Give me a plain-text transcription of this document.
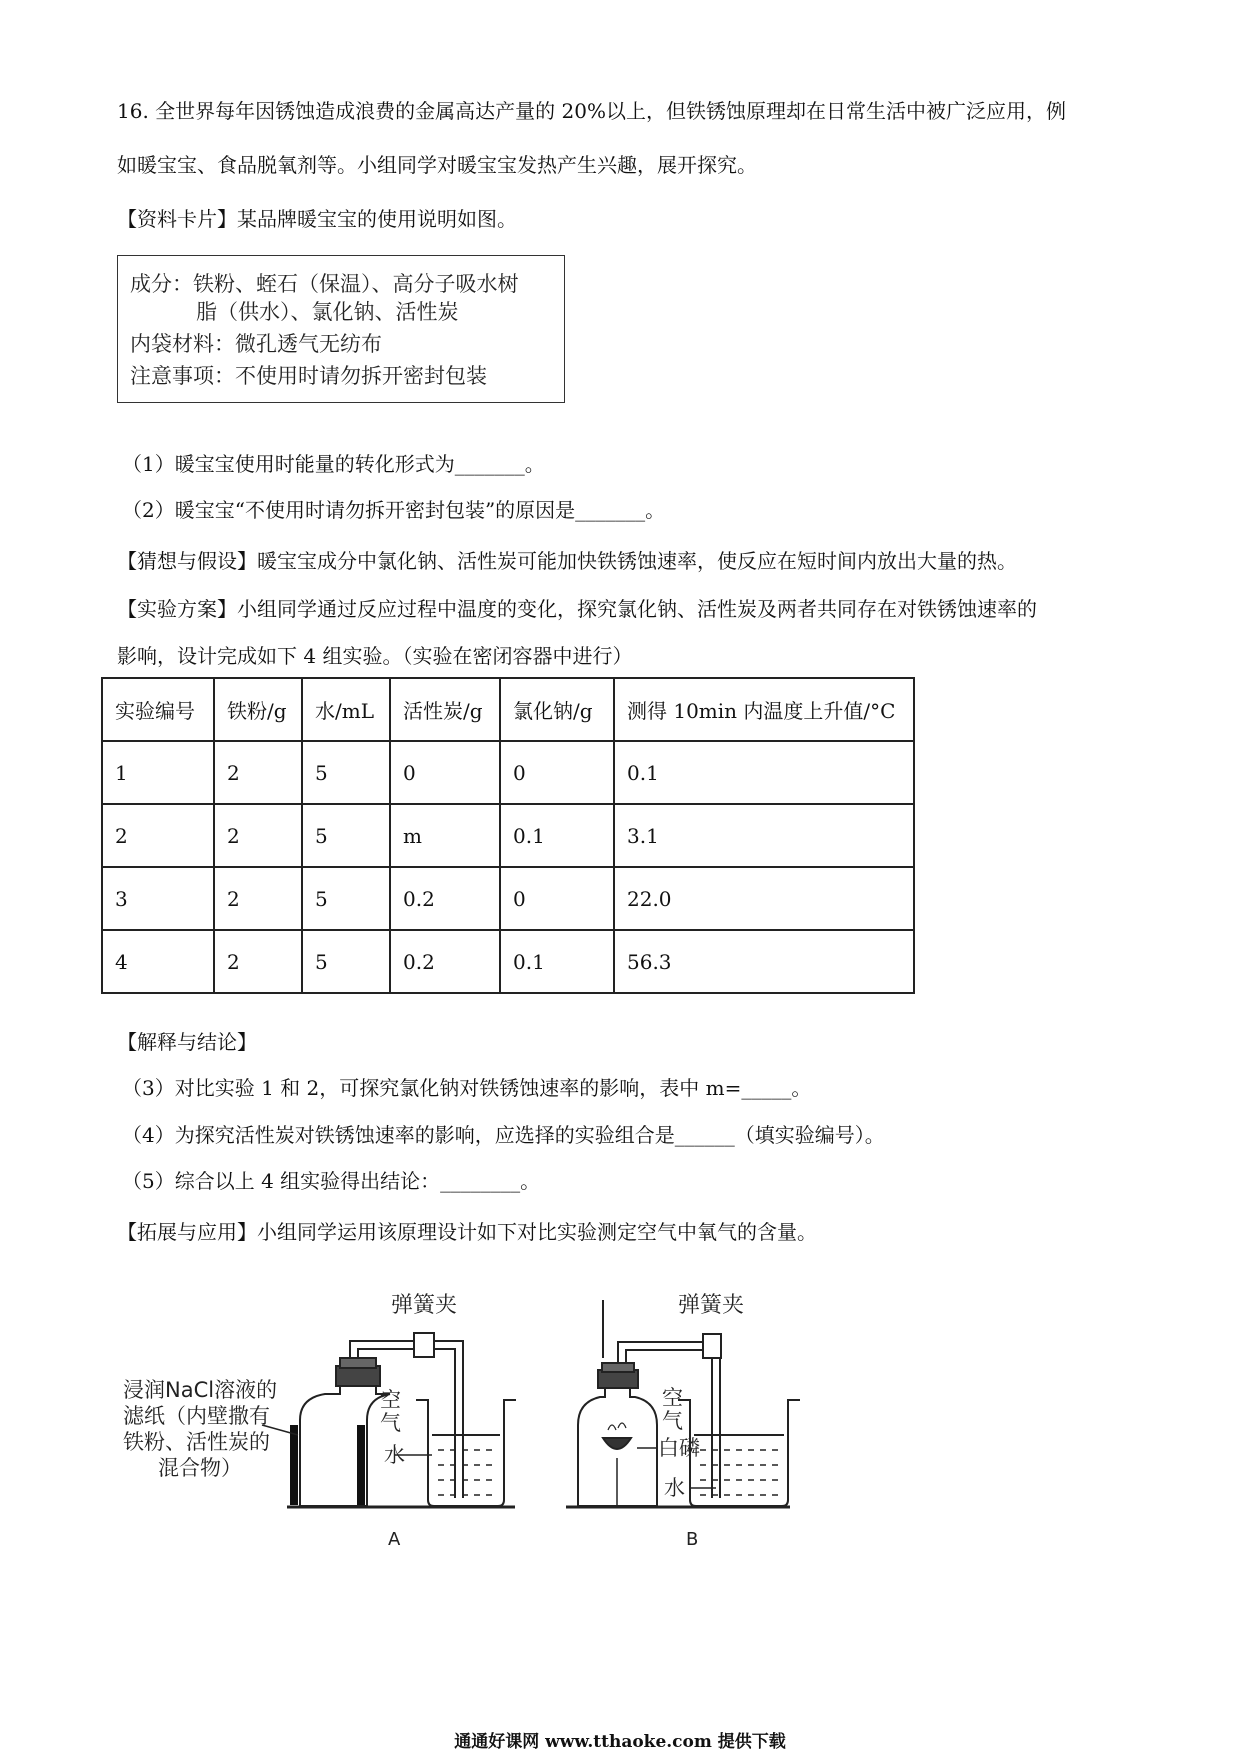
16. 全世界每年因锈蚀造成浪费的金属高达产量的 20%以上，但铁锈蚀原理却在日常生活中被广泛应用，例
如暖宝宝、食品脱氧剂等。小组同学对暖宝宝发热产生兴趣，展开探究。
【资料卡片】某品牌暖宝宝的使用说明如图。
成分：铁粉、蛭石（保温）、高分子吸水树
脂（供水）、氯化钠、活性炭
内袋材料：微孔透气无纺布
注意事项：不使用时请勿拆开密封包装
（1）暖宝宝使用时能量的转化形式为_______。
（2）暖宝宝“不使用时请勿拆开密封包装”的原因是_______。
【猜想与假设】暖宝宝成分中氯化钠、活性炭可能加快铁锈蚀速率，使反应在短时间内放出大量的热。
【实验方案】小组同学通过反应过程中温度的变化，探究氯化钠、活性炭及两者共同存在对铁锈蚀速率的
影响，设计完成如下 4 组实验。（实验在密闭容器中进行）
实验编号	铁粉/g	水/mL	活性炭/g	氯化钠/g	测得 10min 内温度上升值/°C
1	2	5	0	0	0.1
2	2	5	m	0.1	3.1
3	2	5	0.2	0	22.0
4	2	5	0.2	0.1	56.3
【解释与结论】
（3）对比实验 1 和 2，可探究氯化钠对铁锈蚀速率的影响，表中 m=_____。
（4）为探究活性炭对铁锈蚀速率的影响，应选择的实验组合是______（填实验编号）。
（5）综合以上 4 组实验得出结论：________。
【拓展与应用】小组同学运用该原理设计如下对比实验测定空气中氧气的含量。
弹簧夹
浸润NaCl溶液的
滤纸（内壁撒有
铁粉、活性炭的
混合物）
空
气
水
A
弹簧夹
空
气
白磷
水
B
通通好课网 www.tthaoke.com 提供下载
